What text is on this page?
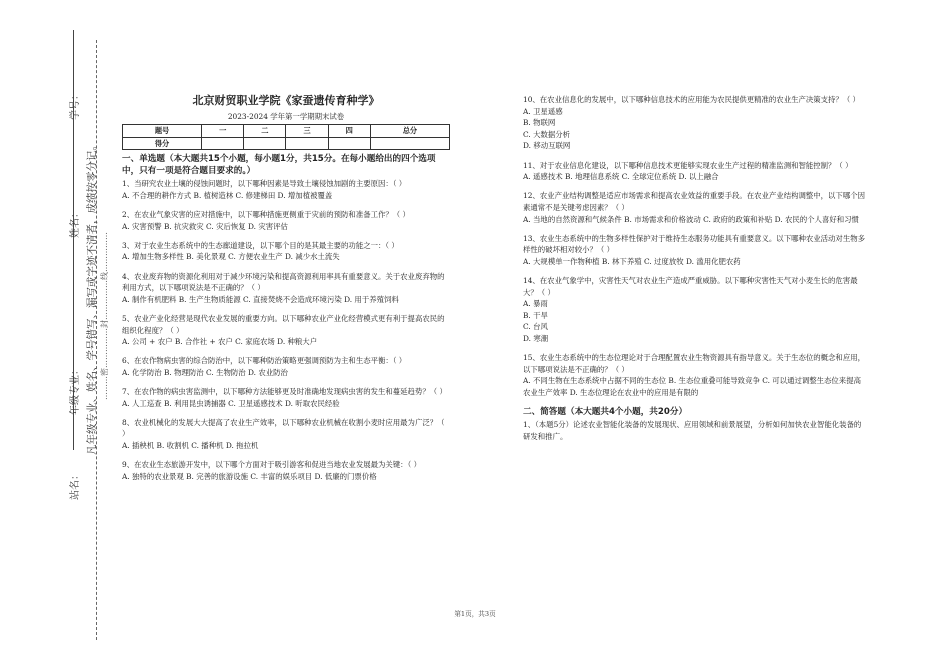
学号：
姓名：
年级专业：
站名：
凡年级专业、姓名、学号错写、漏写或字迹不清者，成绩按零分记。 ………密……………封……………线……………
北京财贸职业学院《家蚕遗传育种学》
2023-2024 学年第一学期期末试卷
题号	一	二	三	四	总分
得分					
一、单选题（本大题共15个小题，每小题1分，共15分。在每小题给出的四个选项中，只有一项是符合题目要求的。）

1、当研究农业土壤的侵蚀问题时，以下哪种因素是导致土壤侵蚀加剧的主要原因：（ ）

A. 不合理的耕作方式 B. 植树造林 C. 修建梯田 D. 增加植被覆盖

2、在农业气象灾害的应对措施中，以下哪种措施更侧重于灾前的预防和准备工作？（ ）

A. 灾害预警 B. 抗灾救灾 C. 灾后恢复 D. 灾害评估

3、对于农业生态系统中的生态廊道建设，以下哪个目的是其最主要的功能之一：（ ）

A. 增加生物多样性 B. 美化景观 C. 方便农业生产 D. 减少水土流失

4、农业废弃物的资源化利用对于减少环境污染和提高资源利用率具有重要意义。关于农业废弃物的利用方式，以下哪项说法是不正确的？（ ）

A. 制作有机肥料 B. 生产生物质能源 C. 直接焚烧不会造成环境污染 D. 用于养殖饲料

5、农业产业化经营是现代农业发展的重要方向。以下哪种农业产业化经营模式更有利于提高农民的组织化程度？（ ）

A. 公司 + 农户 B. 合作社 + 农户 C. 家庭农场 D. 种粮大户

6、在农作物病虫害的综合防治中，以下哪种防治策略更强调预防为主和生态平衡：（ ）

A. 化学防治 B. 物理防治 C. 生物防治 D. 农业防治

7、在农作物的病虫害监测中，以下哪种方法能够更及时准确地发现病虫害的发生和蔓延趋势？（ ）

A. 人工巡查 B. 利用昆虫诱捕器 C. 卫星遥感技术 D. 听取农民经验

8、农业机械化的发展大大提高了农业生产效率，以下哪种农业机械在收割小麦时应用最为广泛？（ ）

A. 插秧机 B. 收割机 C. 播种机 D. 拖拉机

9、在农业生态旅游开发中，以下哪个方面对于吸引游客和促进当地农业发展最为关键：（ ）

A. 独特的农业景观 B. 完善的旅游设施 C. 丰富的娱乐项目 D. 低廉的门票价格

10、在农业信息化的发展中，以下哪种信息技术的应用能为农民提供更精准的农业生产决策支持？（ ）

A. 卫星遥感

B. 物联网

C. 大数据分析

D. 移动互联网

11、对于农业信息化建设，以下哪种信息技术更能够实现农业生产过程的精准监测和智能控制？（ ）

A. 遥感技术 B. 地理信息系统 C. 全球定位系统 D. 以上融合

12、农业产业结构调整是适应市场需求和提高农业效益的重要手段。在农业产业结构调整中，以下哪个因素通常不是关键考虑因素？（ ）

A. 当地的自然资源和气候条件 B. 市场需求和价格波动 C. 政府的政策和补贴 D. 农民的个人喜好和习惯

13、农业生态系统中的生物多样性保护对于维持生态服务功能具有重要意义。以下哪种农业活动对生物多样性的破坏相对较小？（ ）

A. 大规模单一作物种植 B. 林下养殖 C. 过度放牧 D. 滥用化肥农药

14、在农业气象学中，灾害性天气对农业生产造成严重威胁。以下哪种灾害性天气对小麦生长的危害最大？（ ）

A. 暴雨

B. 干旱

C. 台风

D. 寒潮

15、农业生态系统中的生态位理论对于合理配置农业生物资源具有指导意义。关于生态位的概念和应用，以下哪项说法是不正确的？（ ）

A. 不同生物在生态系统中占据不同的生态位 B. 生态位重叠可能导致竞争 C. 可以通过调整生态位来提高农业生产效率 D. 生态位理论在农业中的应用是有限的

二、简答题（本大题共4个小题，共20分）

1、（本题5分）论述农业智能化装备的发展现状、应用领域和前景展望，分析如何加快农业智能化装备的研发和推广。

第1页，共3页
